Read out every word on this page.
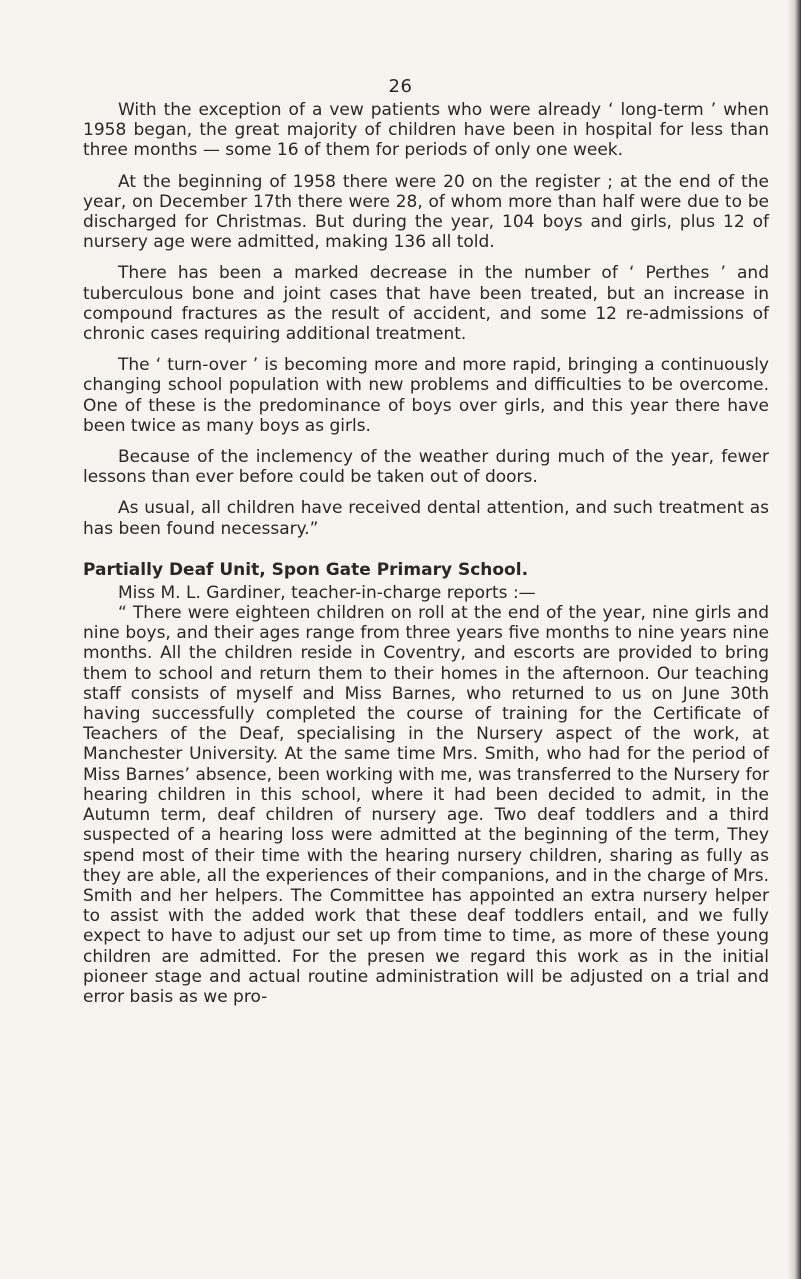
26

With the exception of a vew patients who were already ‘ long-term ’ when 1958 began, the great majority of children have been in hospital for less than three months — some 16 of them for periods of only one week.

At the beginning of 1958 there were 20 on the register ; at the end of the year, on December 17th there were 28, of whom more than half were due to be discharged for Christmas. But during the year, 104 boys and girls, plus 12 of nursery age were admitted, making 136 all told.

There has been a marked decrease in the number of ‘ Perthes ’ and tuberculous bone and joint cases that have been treated, but an increase in compound fractures as the result of accident, and some 12 re-admissions of chronic cases requiring additional treatment.

The ‘ turn-over ’ is becoming more and more rapid, bringing a continuously changing school population with new problems and difficulties to be overcome. One of these is the predominance of boys over girls, and this year there have been twice as many boys as girls.

Because of the inclemency of the weather during much of the year, fewer lessons than ever before could be taken out of doors.

As usual, all children have received dental attention, and such treatment as has been found necessary.”

Partially Deaf Unit, Spon Gate Primary School.

Miss M. L. Gardiner, teacher-in-charge reports :—

“ There were eighteen children on roll at the end of the year, nine girls and nine boys, and their ages range from three years five months to nine years nine months. All the children reside in Coventry, and escorts are provided to bring them to school and return them to their homes in the afternoon. Our teaching staff consists of myself and Miss Barnes, who returned to us on June 30th having successfully completed the course of training for the Certificate of Teachers of the Deaf, specialising in the Nursery aspect of the work, at Manchester University. At the same time Mrs. Smith, who had for the period of Miss Barnes’ absence, been working with me, was transferred to the Nursery for hearing children in this school, where it had been decided to admit, in the Autumn term, deaf children of nursery age. Two deaf toddlers and a third suspected of a hearing loss were admitted at the beginning of the term, They spend most of their time with the hearing nursery children, sharing as fully as they are able, all the experiences of their companions, and in the charge of Mrs. Smith and her helpers. The Committee has appointed an extra nursery helper to assist with the added work that these deaf toddlers entail, and we fully expect to have to adjust our set up from time to time, as more of these young children are admitted. For the presen we regard this work as in the initial pioneer stage and actual routine administration will be adjusted on a trial and error basis as we pro-
